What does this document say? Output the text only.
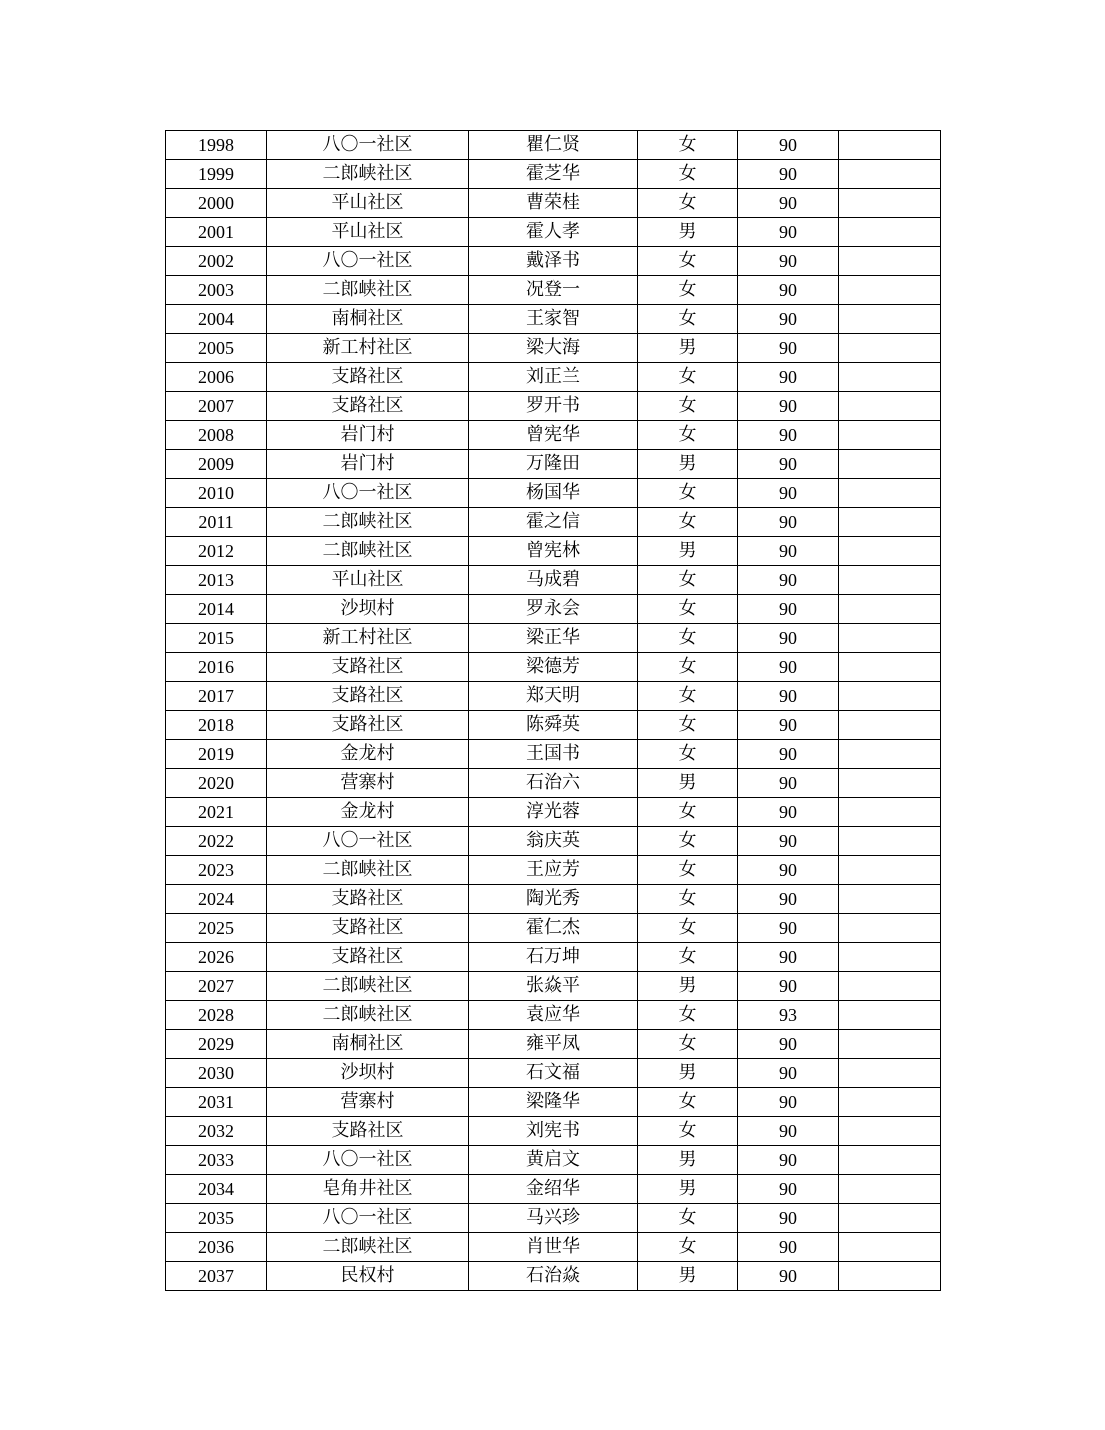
1998	八〇一社区	瞿仁贤	女	90	
1999	二郎峡社区	霍芝华	女	90	
2000	平山社区	曹荣桂	女	90	
2001	平山社区	霍人孝	男	90	
2002	八〇一社区	戴泽书	女	90	
2003	二郎峡社区	况登一	女	90	
2004	南桐社区	王家智	女	90	
2005	新工村社区	梁大海	男	90	
2006	支路社区	刘正兰	女	90	
2007	支路社区	罗开书	女	90	
2008	岩门村	曾宪华	女	90	
2009	岩门村	万隆田	男	90	
2010	八〇一社区	杨国华	女	90	
2011	二郎峡社区	霍之信	女	90	
2012	二郎峡社区	曾宪林	男	90	
2013	平山社区	马成碧	女	90	
2014	沙坝村	罗永会	女	90	
2015	新工村社区	梁正华	女	90	
2016	支路社区	梁德芳	女	90	
2017	支路社区	郑天明	女	90	
2018	支路社区	陈舜英	女	90	
2019	金龙村	王国书	女	90	
2020	营寨村	石治六	男	90	
2021	金龙村	淳光蓉	女	90	
2022	八〇一社区	翁庆英	女	90	
2023	二郎峡社区	王应芳	女	90	
2024	支路社区	陶光秀	女	90	
2025	支路社区	霍仁杰	女	90	
2026	支路社区	石万坤	女	90	
2027	二郎峡社区	张焱平	男	90	
2028	二郎峡社区	袁应华	女	93	
2029	南桐社区	雍平凤	女	90	
2030	沙坝村	石文福	男	90	
2031	营寨村	梁隆华	女	90	
2032	支路社区	刘宪书	女	90	
2033	八〇一社区	黄启文	男	90	
2034	皂角井社区	金绍华	男	90	
2035	八〇一社区	马兴珍	女	90	
2036	二郎峡社区	肖世华	女	90	
2037	民权村	石治焱	男	90	
